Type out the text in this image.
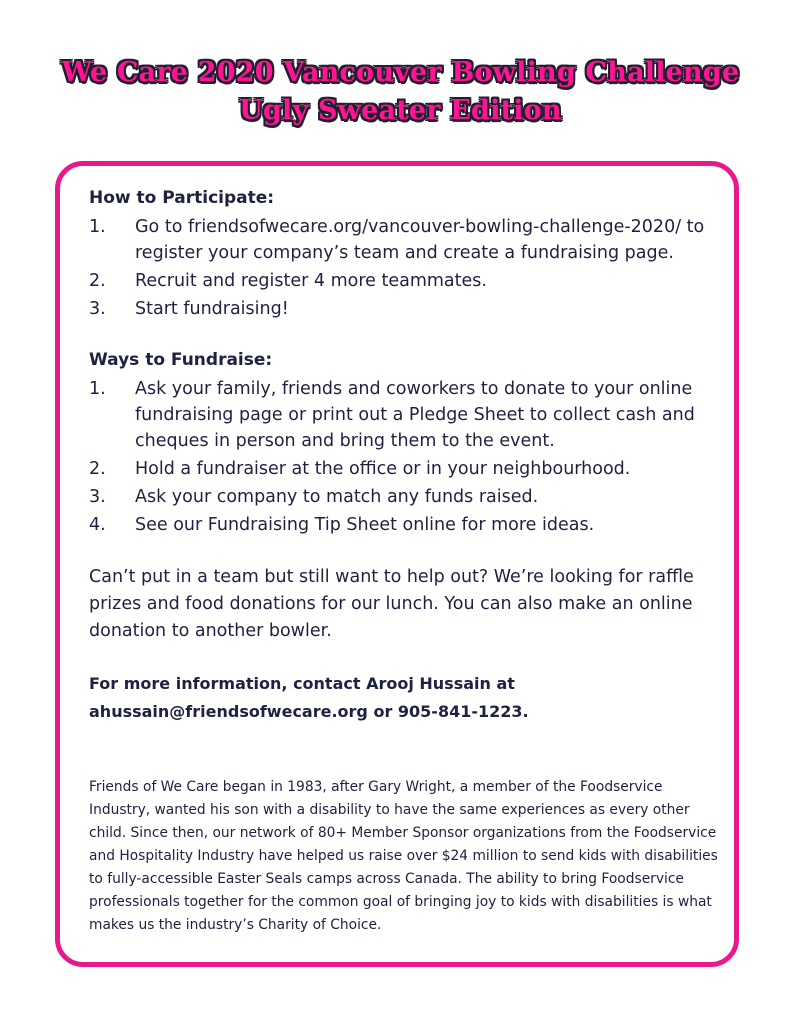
We Care 2020 Vancouver Bowling Challenge
Ugly Sweater Edition
How to Participate:
1. Go to friendsofwecare.org/vancouver-bowling-challenge-2020/ to register your company’s team and create a fundraising page.
2. Recruit and register 4 more teammates.
3. Start fundraising!
Ways to Fundraise:
1. Ask your family, friends and coworkers to donate to your online fundraising page or print out a Pledge Sheet to collect cash and cheques in person and bring them to the event.
2. Hold a fundraiser at the office or in your neighbourhood.
3. Ask your company to match any funds raised.
4. See our Fundraising Tip Sheet online for more ideas.
Can’t put in a team but still want to help out? We’re looking for raffle prizes and food donations for our lunch. You can also make an online donation to another bowler.
For more information, contact Arooj Hussain at ahussain@friendsofwecare.org or 905-841-1223.
Friends of We Care began in 1983, after Gary Wright, a member of the Foodservice Industry, wanted his son with a disability to have the same experiences as every other child. Since then, our network of 80+ Member Sponsor organizations from the Foodservice and Hospitality Industry have helped us raise over $24 million to send kids with disabilities to fully-accessible Easter Seals camps across Canada. The ability to bring Foodservice professionals together for the common goal of bringing joy to kids with disabilities is what makes us the industry’s Charity of Choice.
